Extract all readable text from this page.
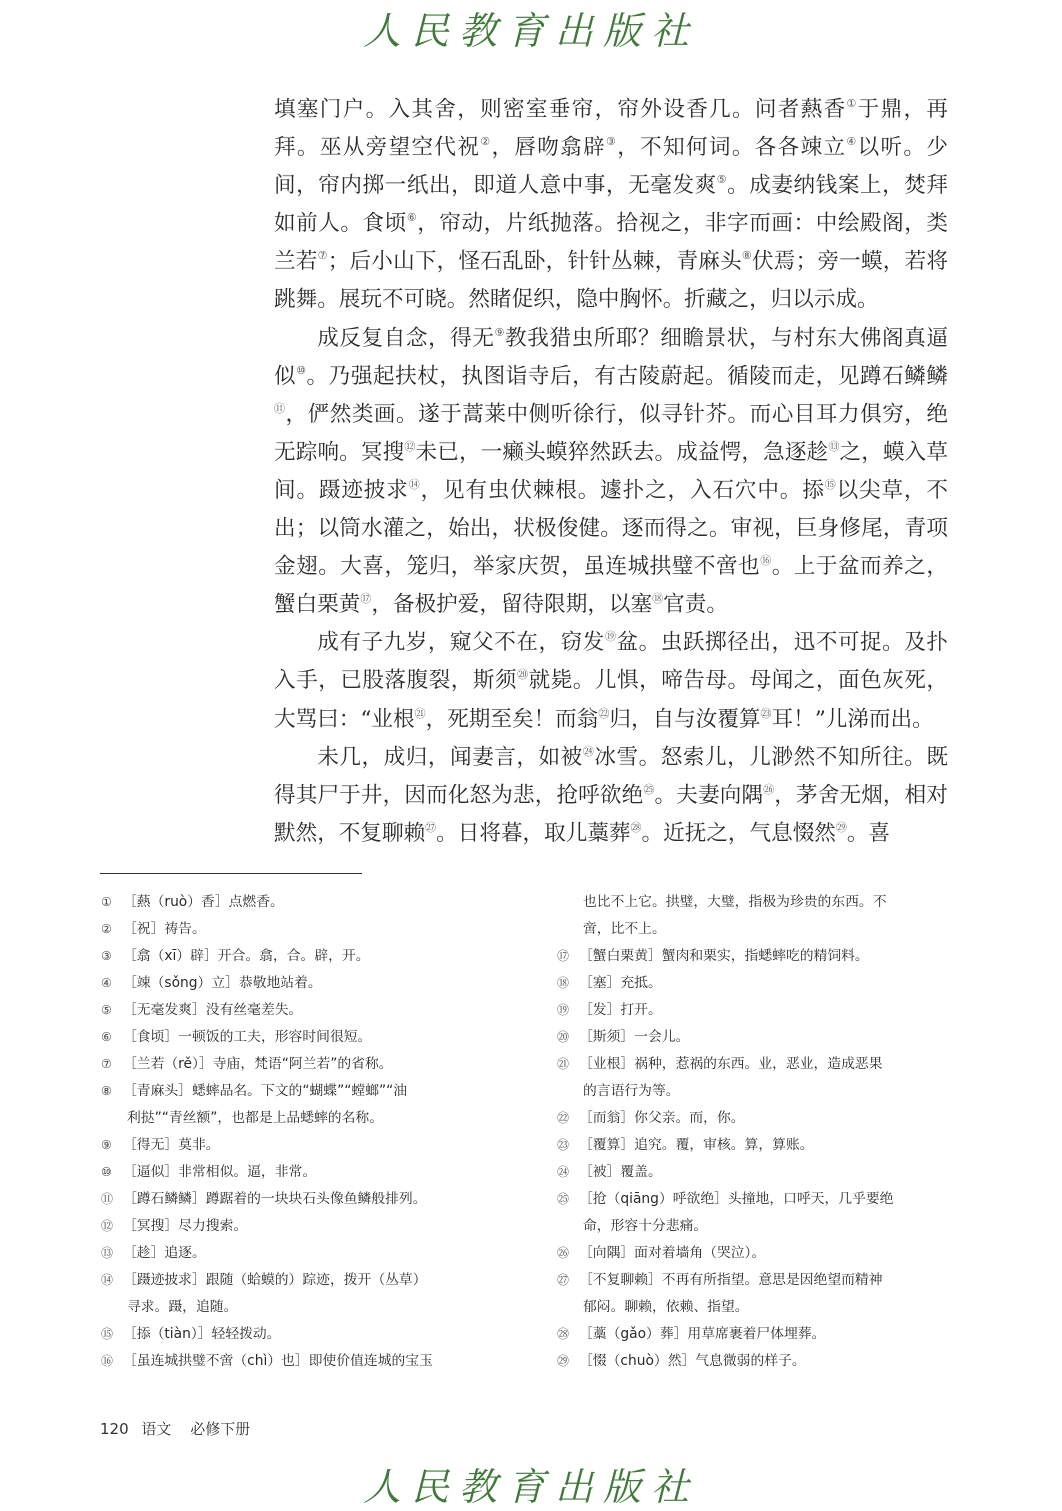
人民教育出版社

填塞门户。入其舍，则密室垂帘，帘外设香几。问者爇香①于鼎，再拜。巫从旁望空代祝②，唇吻翕辟③，不知何词。各各竦立④以听。少间，帘内掷一纸出，即道人意中事，无毫发爽⑤。成妻纳钱案上，焚拜如前人。食顷⑥，帘动，片纸抛落。拾视之，非字而画：中绘殿阁，类兰若⑦；后小山下，怪石乱卧，针针丛棘，青麻头⑧伏焉；旁一蟆，若将跳舞。展玩不可晓。然睹促织，隐中胸怀。折藏之，归以示成。

成反复自念，得无⑨教我猎虫所耶？细瞻景状，与村东大佛阁真逼似⑩。乃强起扶杖，执图诣寺后，有古陵蔚起。循陵而走，见蹲石鳞鳞⑪，俨然类画。遂于蒿莱中侧听徐行，似寻针芥。而心目耳力俱穷，绝无踪响。冥搜⑫未已，一癞头蟆猝然跃去。成益愕，急逐趁⑬之，蟆入草间。蹑迹披求⑭，见有虫伏棘根。遽扑之，入石穴中。掭⑮以尖草，不出；以筒水灌之，始出，状极俊健。逐而得之。审视，巨身修尾，青项金翅。大喜，笼归，举家庆贺，虽连城拱璧不啻也⑯。上于盆而养之，蟹白栗黄⑰，备极护爱，留待限期，以塞⑱官责。

成有子九岁，窥父不在，窃发⑲盆。虫跃掷径出，迅不可捉。及扑入手，已股落腹裂，斯须⑳就毙。儿惧，啼告母。母闻之，面色灰死，大骂曰：“业根$^㉑$，死期至矣！而翁$^㉒$归，自与汝覆算$^㉓$耳！”儿涕而出。

未几，成归，闻妻言，如被$^㉔$冰雪。怒索儿，儿渺然不知所往。既得其尸于井，因而化怒为悲，抢呼欲绝$^㉕$。夫妻向隅$^㉖$，茅舍无烟，相对默然，不复聊赖$^㉗$。日将暮，取儿藁葬$^㉘$。近抚之，气息惙然$^㉙$。喜

① ［爇（ruò）香］点燃香。
② ［祝］祷告。
③ ［翕（xī）辟］开合。翕，合。辟，开。
④ ［竦（sǒng）立］恭敬地站着。
⑤ ［无毫发爽］没有丝毫差失。
⑥ ［食顷］一顿饭的工夫，形容时间很短。
⑦ ［兰若（rě）］寺庙，梵语“阿兰若”的省称。
⑧ ［青麻头］蟋蟀品名。下文的“蝴蝶”“螳螂”“油
利挞”“青丝额”，也都是上品蟋蟀的名称。
⑨ ［得无］莫非。
⑩ ［逼似］非常相似。逼，非常。
⑪ ［蹲石鳞鳞］蹲踞着的一块块石头像鱼鳞般排列。
⑫ ［冥搜］尽力搜索。
⑬ ［趁］追逐。
⑭ ［蹑迹披求］跟随（蛤蟆的）踪迹，拨开（丛草）
寻求。蹑，追随。
⑮ ［掭（tiàn）］轻轻拨动。
⑯ ［虽连城拱璧不啻（chì）也］即使价值连城的宝玉
也比不上它。拱璧，大璧，指极为珍贵的东西。不
啻，比不上。
⑰ ［蟹白栗黄］蟹肉和栗实，指蟋蟀吃的精饲料。
⑱ ［塞］充抵。
⑲ ［发］打开。
⑳ ［斯须］一会儿。
㉑ ［业根］祸种，惹祸的东西。业，恶业，造成恶果
的言语行为等。
㉒ ［而翁］你父亲。而，你。
㉓ ［覆算］追究。覆，审核。算，算账。
㉔ ［被］覆盖。
㉕ ［抢（qiāng）呼欲绝］头撞地，口呼天，几乎要绝
命，形容十分悲痛。
㉖ ［向隅］面对着墙角（哭泣）。
㉗ ［不复聊赖］不再有所指望。意思是因绝望而精神
郁闷。聊赖，依赖、指望。
㉘ ［藁（gǎo）葬］用草席裹着尸体埋葬。
㉙ ［惙（chuò）然］气息微弱的样子。
120 语文 必修下册
人民教育出版社
